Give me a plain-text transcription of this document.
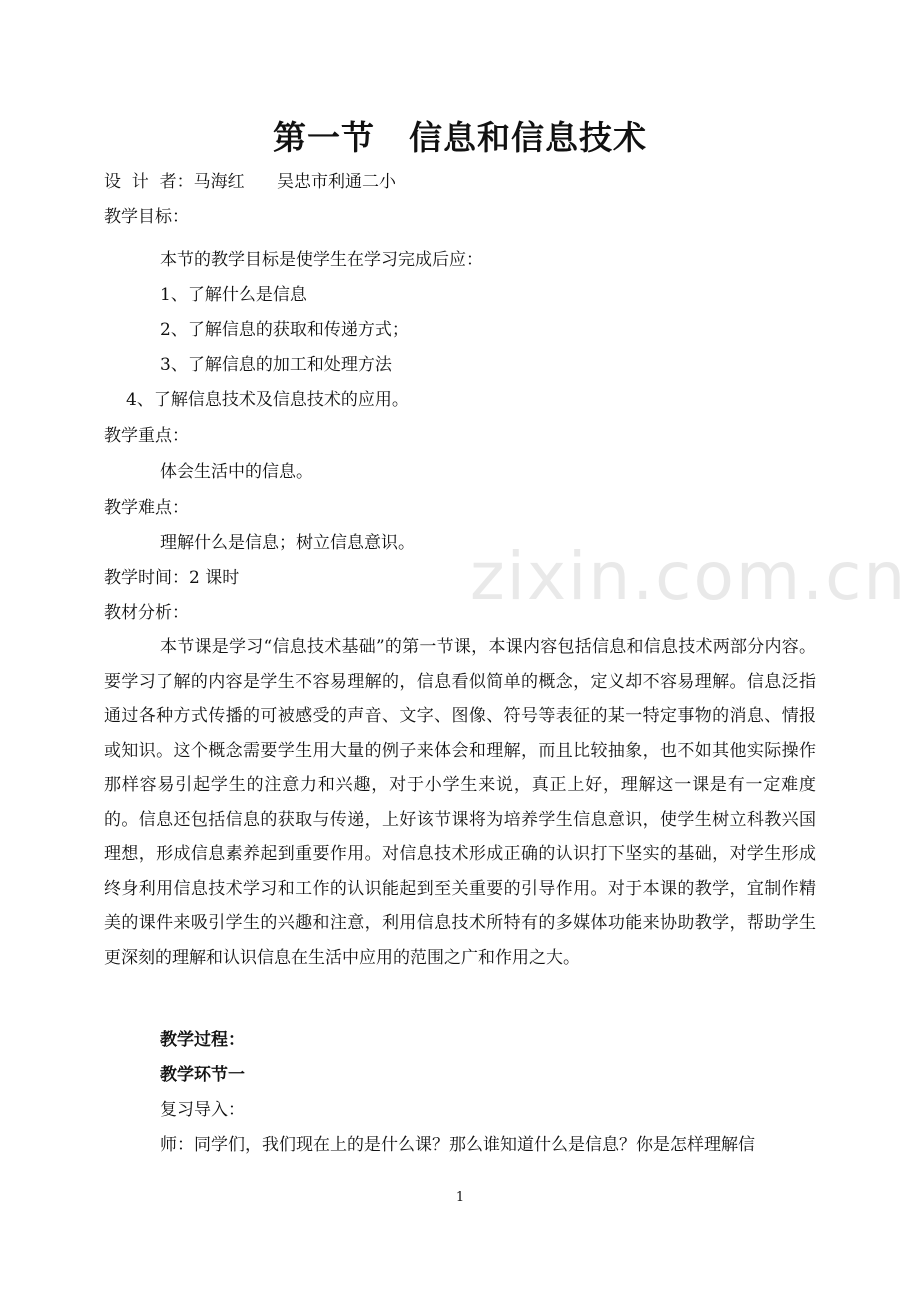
zixin.com.cn
第一节　信息和信息技术
设  计  者：马海红      吴忠市利通二小
教学目标：
本节的教学目标是使学生在学习完成后应：
1、了解什么是信息
2、了解信息的获取和传递方式；
3、了解信息的加工和处理方法
4、了解信息技术及信息技术的应用。
教学重点：
体会生活中的信息。
教学难点：
理解什么是信息；树立信息意识。
教学时间：2 课时
教材分析：
本节课是学习“信息技术基础”的第一节课，本课内容包括信息和信息技术两部分内容。要学习了解的内容是学生不容易理解的，信息看似简单的概念，定义却不容易理解。信息泛指通过各种方式传播的可被感受的声音、文字、图像、符号等表征的某一特定事物的消息、情报或知识。这个概念需要学生用大量的例子来体会和理解，而且比较抽象，也不如其他实际操作那样容易引起学生的注意力和兴趣，对于小学生来说，真正上好，理解这一课是有一定难度的。信息还包括信息的获取与传递，上好该节课将为培养学生信息意识，使学生树立科教兴国理想，形成信息素养起到重要作用。对信息技术形成正确的认识打下坚实的基础，对学生形成终身利用信息技术学习和工作的认识能起到至关重要的引导作用。对于本课的教学，宜制作精美的课件来吸引学生的兴趣和注意，利用信息技术所特有的多媒体功能来协助教学，帮助学生更深刻的理解和认识信息在生活中应用的范围之广和作用之大。
教学过程：
教学环节一
复习导入：
师：同学们，我们现在上的是什么课？那么谁知道什么是信息？你是怎样理解信
1
